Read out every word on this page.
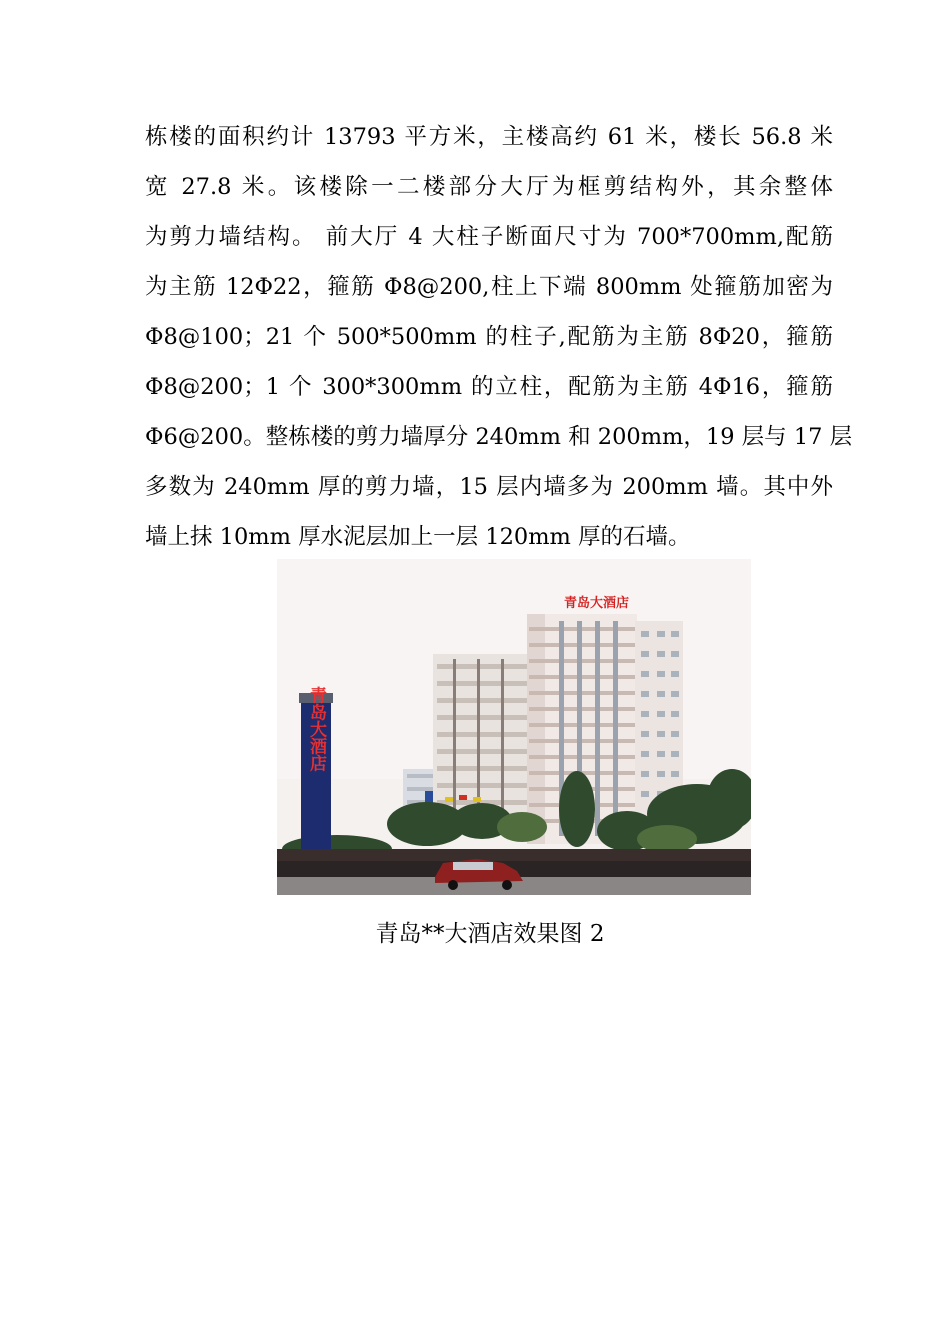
栋楼的面积约计 13793 平方米，主楼高约 61 米，楼长 56.8 米
宽 27.8 米。该楼除一二楼部分大厅为框剪结构外，其余整体
为剪力墙结构。 前大厅 4 大柱子断面尺寸为 700*700mm,配筋
为主筋 12Φ22，箍筋 Φ8@200,柱上下端 800mm 处箍筋加密为
Φ8@100；21 个 500*500mm 的柱子,配筋为主筋 8Φ20，箍筋
Φ8@200；1 个 300*300mm 的立柱，配筋为主筋 4Φ16，箍筋
Φ6@200。整栋楼的剪力墙厚分 240mm 和 200mm，19 层与 17 层
多数为 240mm 厚的剪力墙，15 层内墙多为 200mm 墙。其中外
墙上抹 10mm 厚水泥层加上一层 120mm 厚的石墙。
青岛大酒店
青岛大酒店
青岛**大酒店效果图 2
